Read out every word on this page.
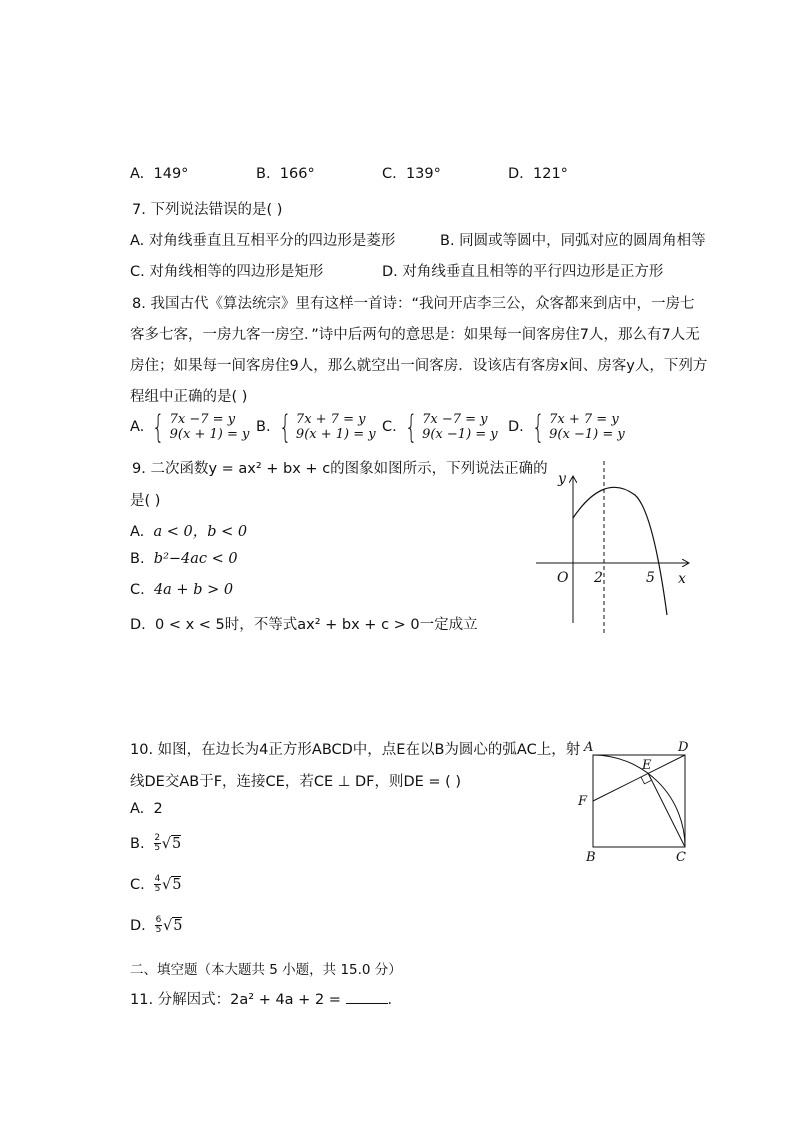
A. 149°	B. 166°	C. 139°	D. 121°
7. 下列说法错误的是( )
A. 对角线垂直且互相平分的四边形是菱形	B. 同圆或等圆中，同弧对应的圆周角相等
C. 对角线相等的四边形是矩形	D. 对角线垂直且相等的平行四边形是正方形
8. 我国古代《算法统宗》里有这样一首诗：“我问开店李三公，众客都来到店中，一房七
客多七客，一房九客一房空．”诗中后两句的意思是：如果每一间客房住7人，那么有7人无
房住；如果每一间客房住9人，那么就空出一间客房．设该店有客房x间、房客y人，下列方
程组中正确的是( )
A. { 7x −7 = y
9(x + 1) = y B. { 7x + 7 = y
9(x + 1) = y C. { 7x −7 = y
9(x −1) = y D. { 7x + 7 = y
9(x −1) = y
9. 二次函数y = ax² + bx + c的图象如图所示，下列说法正确的
是( )
A. a < 0，b < 0
B. b²−4ac < 0
C. 4a + b > 0
D. 0 < x < 5时，不等式ax² + bx + c > 0一定成立
y
x
O 2	5
10. 如图，在边长为4正方形ABCD中，点E在以B为圆心的弧AC上，射
线DE交AB于F，连接CE，若CE ⊥ DF，则DE = ( )
A. 2
B.
$\frac{2}{5} √5$
C.
$\frac{4}{5} √5$
D.
$\frac{6}{5} √5$
A	D
E
F
B	C
二、填空题（本大题共 5 小题，共 15.0 分）
11. 分解因式：2a² + 4a + 2 =	．
